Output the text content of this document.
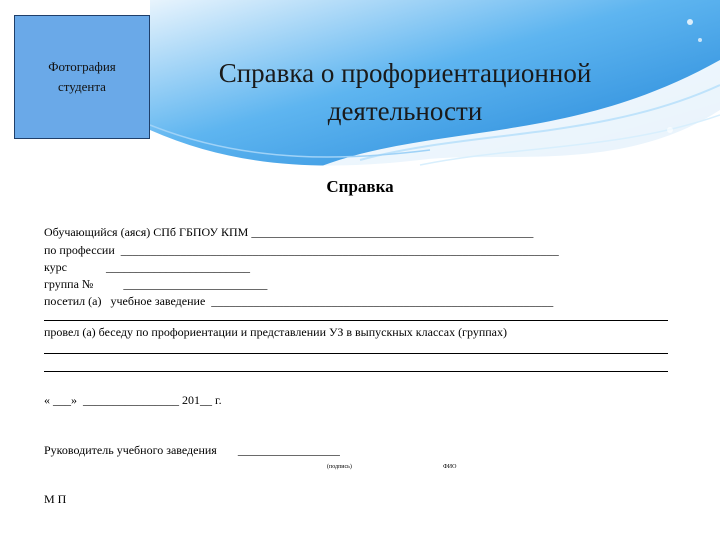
Фотография
студента	Справка о профориентационной
деятельности
Справка
Обучающийся (аяся) СПб ГБПОУ КПМ _______________________________________________
по профессии  _________________________________________________________________________
курс             ________________________
группа №          ________________________
посетил (а)   учебное заведение  _________________________________________________________
провел (а) беседу по профориентации и представлении УЗ в выпускных классах (группах)
« ___»  ________________ 201__ г.
Руководитель учебного заведения       _________________
(подпись)	ФИО
М П
